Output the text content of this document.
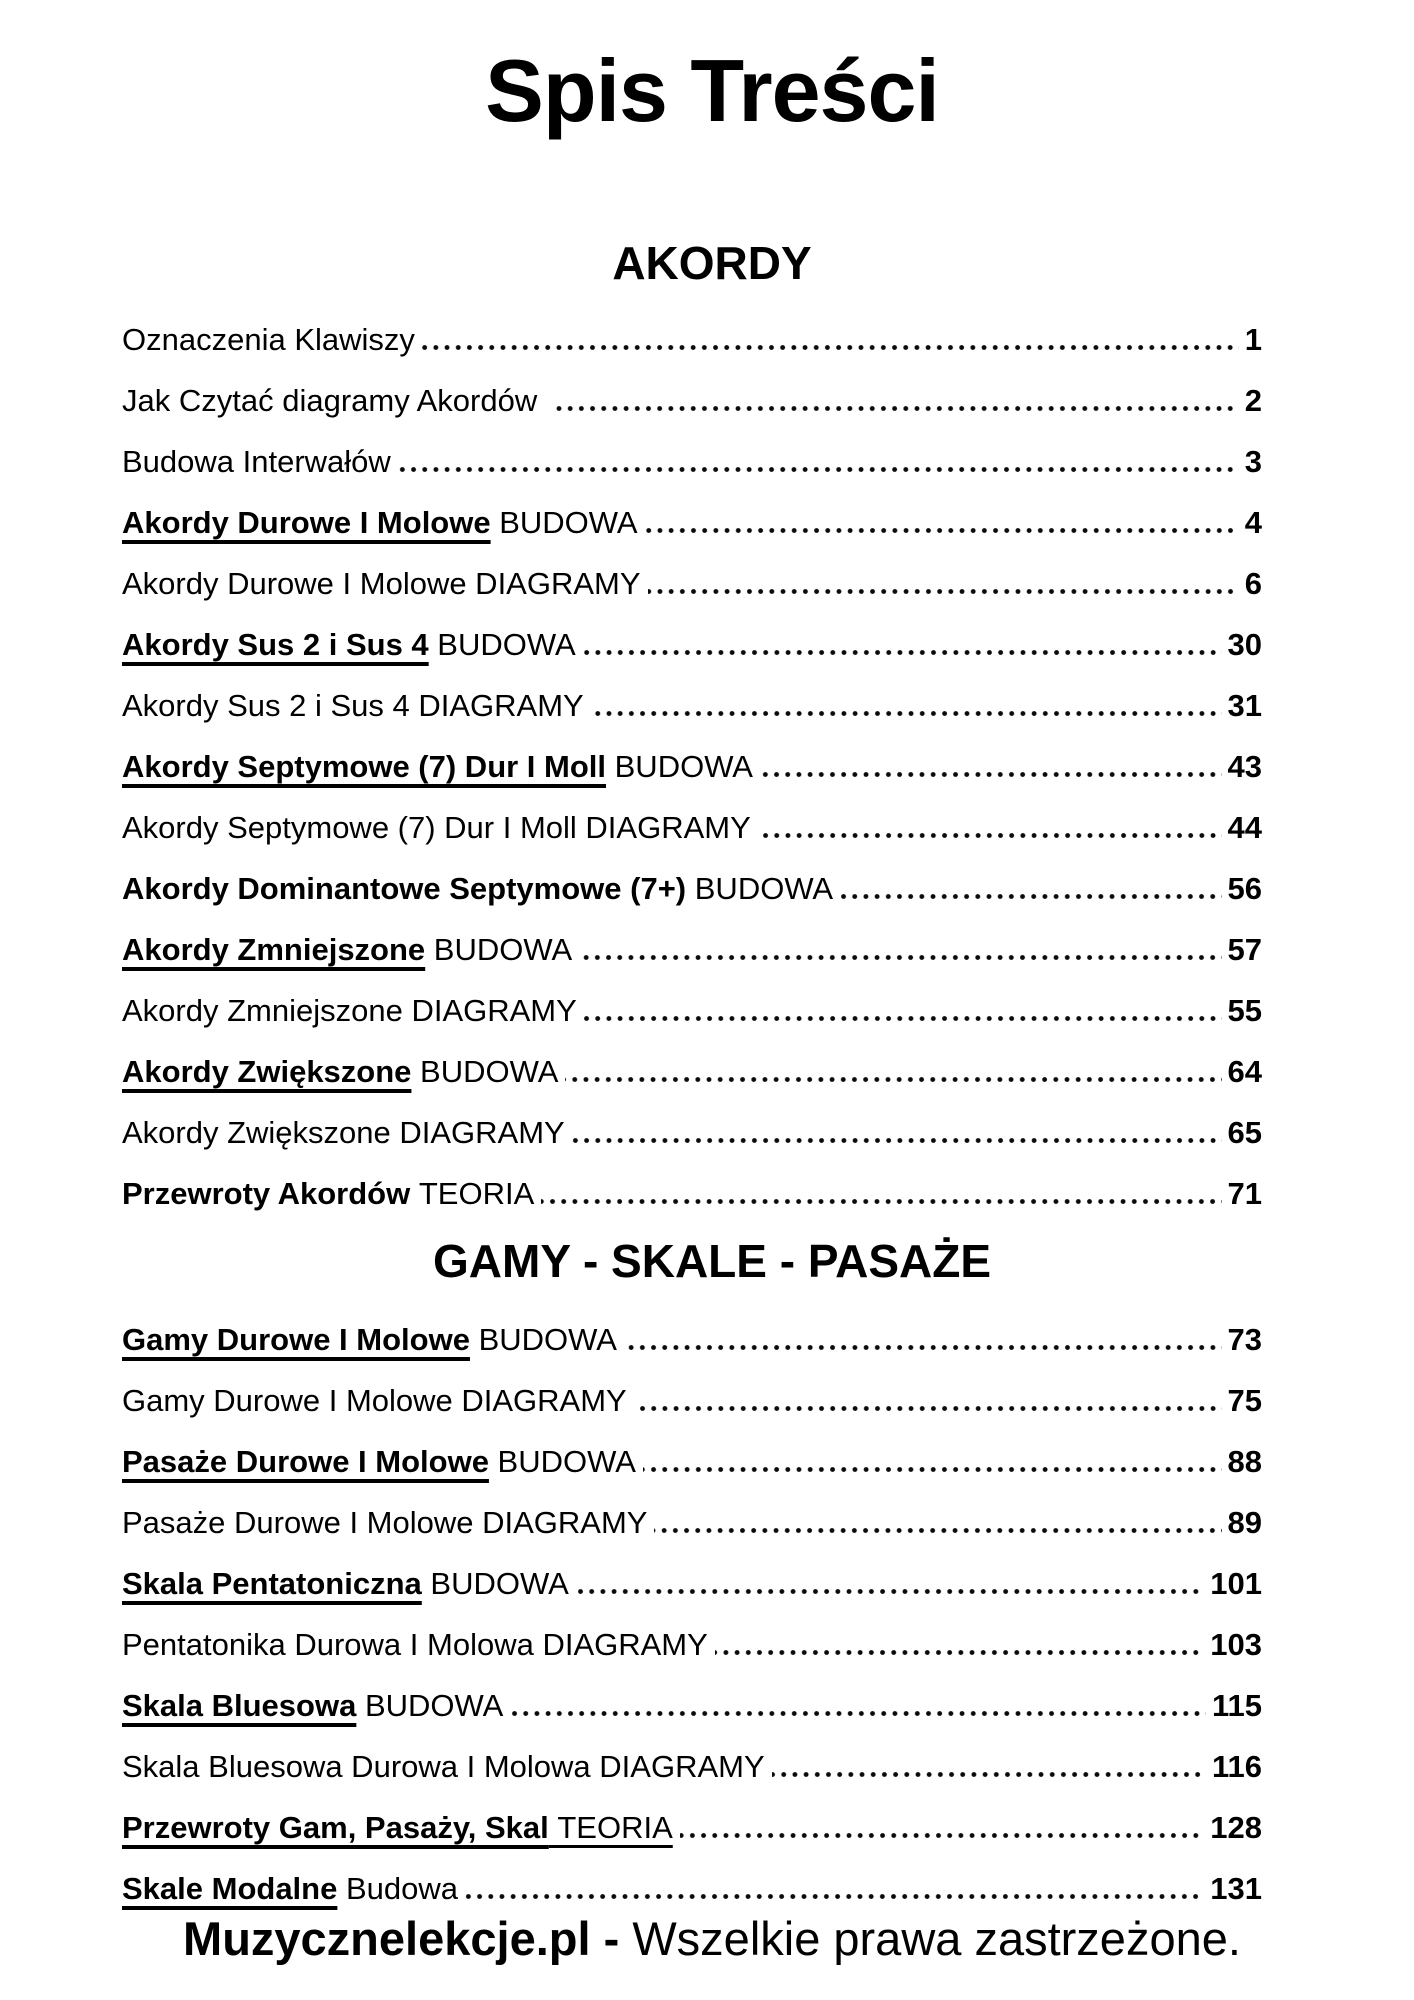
Spis Treści
AKORDY
Oznaczenia Klawiszy	1
Jak Czytać diagramy Akordów	2
Budowa Interwałów	3
Akordy Durowe I Molowe BUDOWA	4
Akordy Durowe I Molowe DIAGRAMY	6
Akordy Sus 2 i Sus 4 BUDOWA	30
Akordy Sus 2 i Sus 4 DIAGRAMY	31
Akordy Septymowe (7) Dur I Moll BUDOWA	43
Akordy Septymowe (7) Dur I Moll DIAGRAMY	44
Akordy Dominantowe Septymowe (7+) BUDOWA	56
Akordy Zmniejszone BUDOWA	57
Akordy Zmniejszone DIAGRAMY	55
Akordy Zwiększone BUDOWA	64
Akordy Zwiększone DIAGRAMY	65
Przewroty Akordów TEORIA	71
GAMY - SKALE - PASAŻE
Gamy Durowe I Molowe BUDOWA	73
Gamy Durowe I Molowe DIAGRAMY	75
Pasaże Durowe I Molowe BUDOWA	88
Pasaże Durowe I Molowe DIAGRAMY	89
Skala Pentatoniczna BUDOWA	101
Pentatonika Durowa I Molowa DIAGRAMY	103
Skala Bluesowa BUDOWA	115
Skala Bluesowa Durowa I Molowa DIAGRAMY	116
Przewroty Gam, Pasaży, Skal TEORIA	128
Skale Modalne Budowa	131
Muzycznelekcje.pl - Wszelkie prawa zastrzeżone.
